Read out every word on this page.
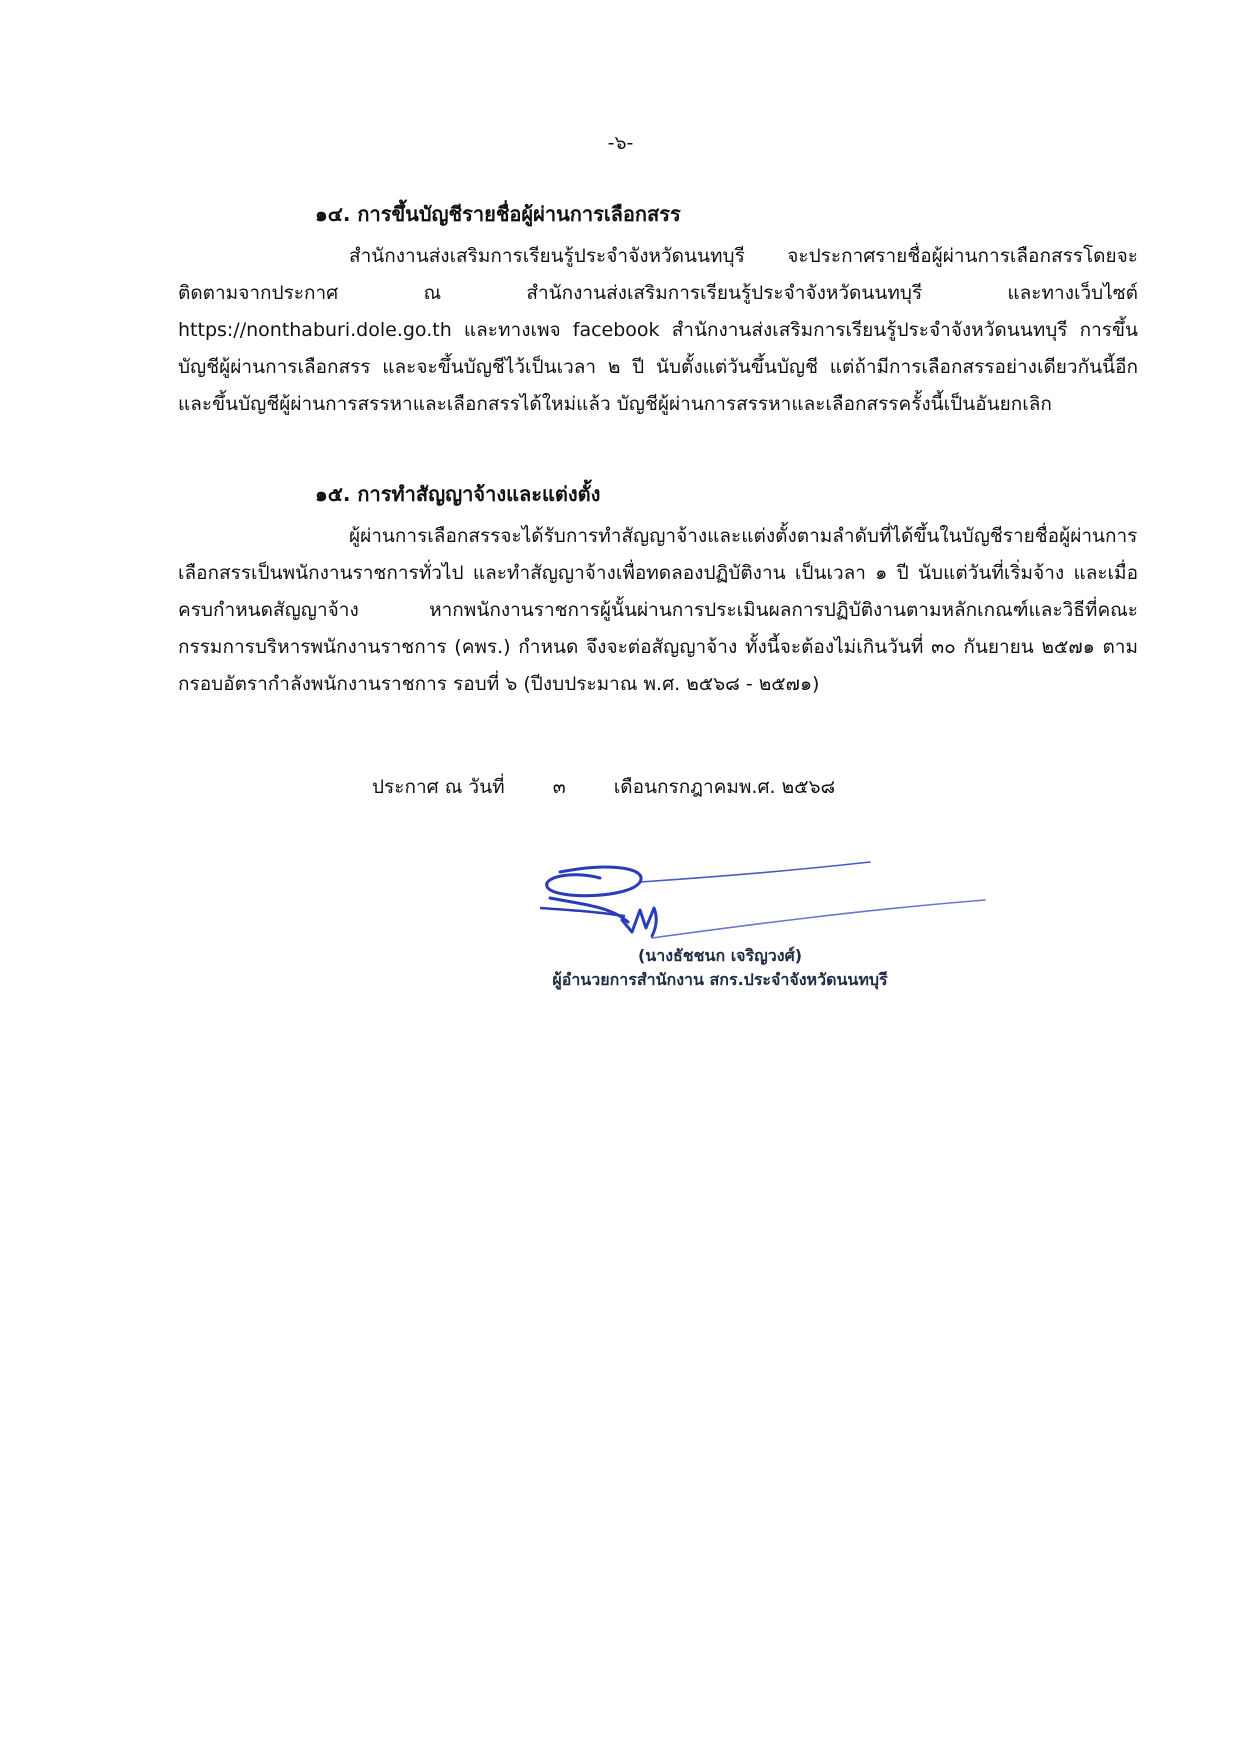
-๖-

๑๔. การขึ้นบัญชีรายชื่อผู้ผ่านการเลือกสรร

สำนักงานส่งเสริมการเรียนรู้ประจำจังหวัดนนทบุรี จะประกาศรายชื่อผู้ผ่านการเลือกสรรโดยจะติดตามจากประกาศ ณ สำนักงานส่งเสริมการเรียนรู้ประจำจังหวัดนนทบุรี และทางเว็บไซต์ https://nonthaburi.dole.go.th และทางเพจ facebook สำนักงานส่งเสริมการเรียนรู้ประจำจังหวัดนนทบุรี การขึ้นบัญชีผู้ผ่านการเลือกสรร และจะขึ้นบัญชีไว้เป็นเวลา ๒ ปี นับตั้งแต่วันขึ้นบัญชี แต่ถ้ามีการเลือกสรรอย่างเดียวกันนี้อีก และขึ้นบัญชีผู้ผ่านการสรรหาและเลือกสรรได้ใหม่แล้ว บัญชีผู้ผ่านการสรรหาและเลือกสรรครั้งนี้เป็นอันยกเลิก

๑๕. การทำสัญญาจ้างและแต่งตั้ง

ผู้ผ่านการเลือกสรรจะได้รับการทำสัญญาจ้างและแต่งตั้งตามลำดับที่ได้ขึ้นในบัญชีรายชื่อผู้ผ่านการเลือกสรรเป็นพนักงานราชการทั่วไป และทำสัญญาจ้างเพื่อทดลองปฏิบัติงาน เป็นเวลา ๑ ปี นับแต่วันที่เริ่มจ้าง และเมื่อครบกำหนดสัญญาจ้าง หากพนักงานราชการผู้นั้นผ่านการประเมินผลการปฏิบัติงานตามหลักเกณฑ์และวิธีที่คณะกรรมการบริหารพนักงานราชการ (คพร.) กำหนด จึงจะต่อสัญญาจ้าง ทั้งนี้จะต้องไม่เกินวันที่ ๓๐ กันยายน ๒๕๗๑ ตามกรอบอัตรากำลังพนักงานราชการ รอบที่ ๖ (ปีงบประมาณ พ.ศ. ๒๕๖๘ - ๒๕๗๑)

ประกาศ ณ วันที่	๓	เดือนกรกฎาคมพ.ศ. ๒๕๖๘
(นางธัชชนก เจริญวงศ์)
ผู้อำนวยการสำนักงาน สกร.ประจำจังหวัดนนทบุรี
